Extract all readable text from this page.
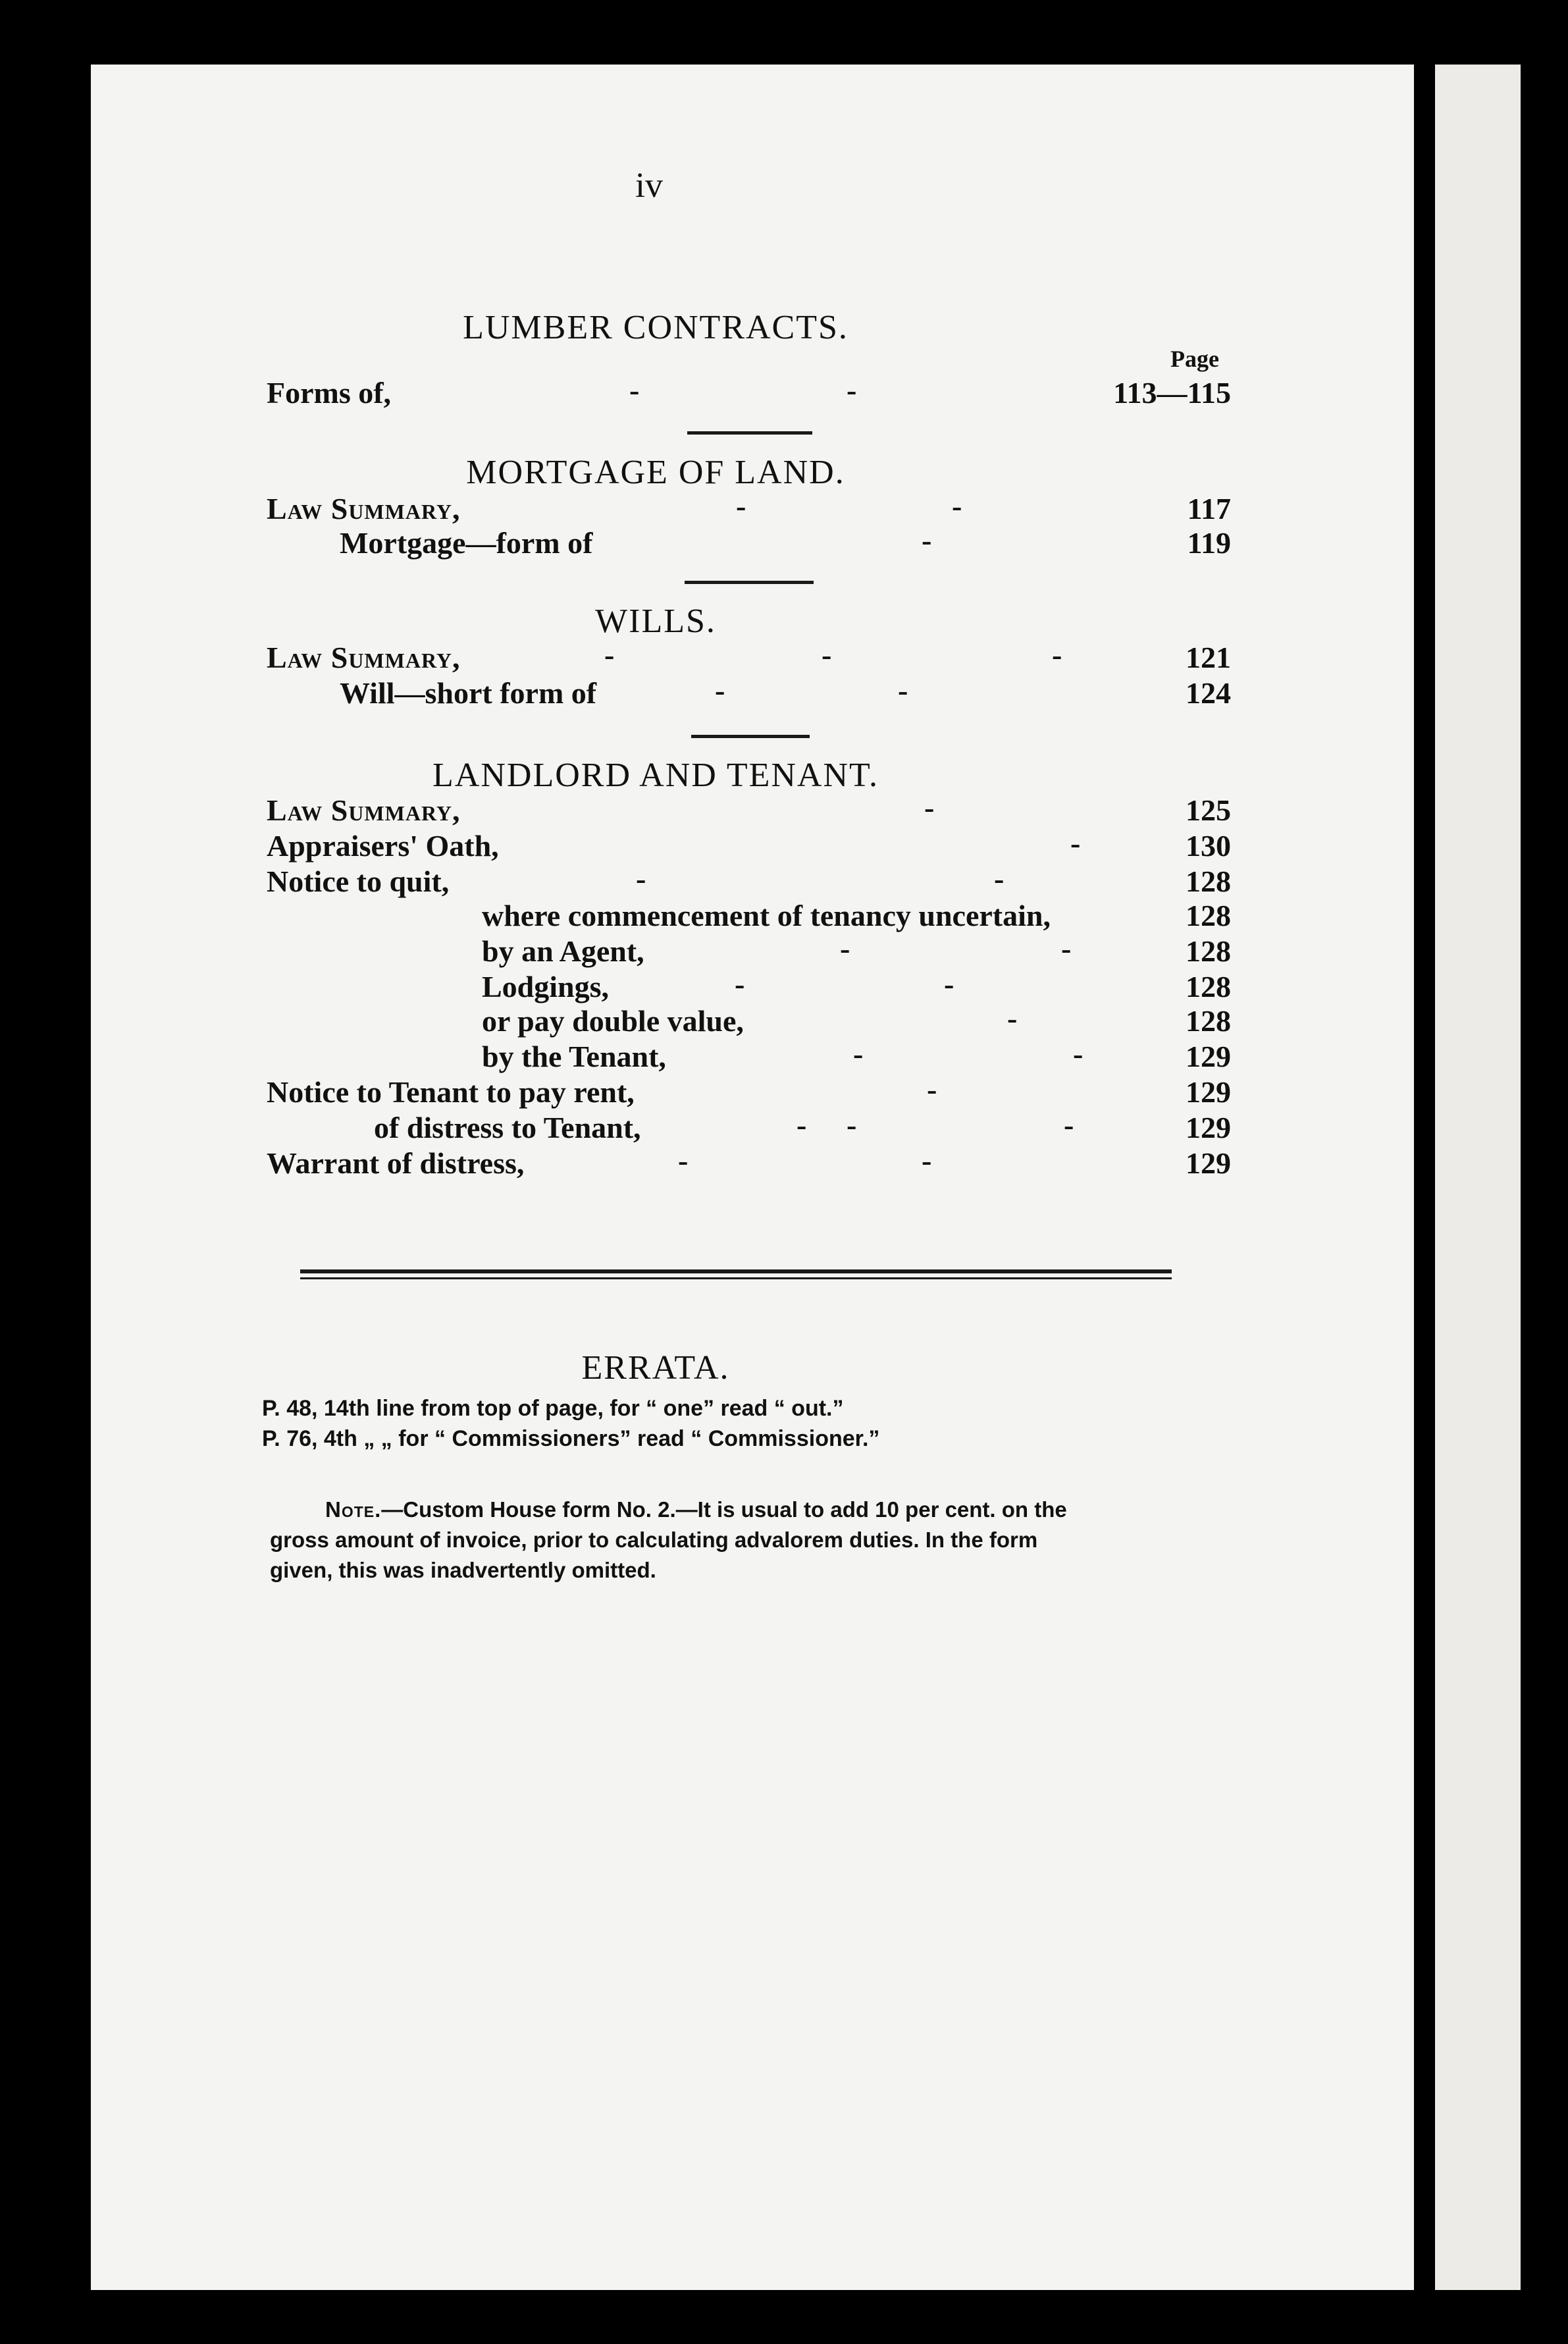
iv
LUMBER CONTRACTS.
Page
Forms of,	-	-	113—115
MORTGAGE OF LAND.
Law Summary,	-	-	117
Mortgage—form of	-	119
WILLS.
Law Summary,	-	-	-	121
Will—short form of	-	-	124
LANDLORD AND TENANT.
Law Summary,	-	125
Appraisers' Oath,	-	130
Notice to quit,	-	-	128
where commencement of tenancy uncertain,	128
by an Agent,	-	-	128
Lodgings,	-	-	128
or pay double value,	-	128
by the Tenant,	-	-	129
Notice to Tenant to pay rent,	-	129
of distress to Tenant,	- -	-	129
Warrant of distress,	-	-	129
ERRATA.
P. 48, 14th line from top of page, for “ one” read “ out.”
P. 76, 4th „ „ for “ Commissioners” read “ Commissioner.”
Note.—Custom House form No. 2.—It is usual to add 10 per cent. on the
gross amount of invoice, prior to calculating advalorem duties. In the form
given, this was inadvertently omitted.
